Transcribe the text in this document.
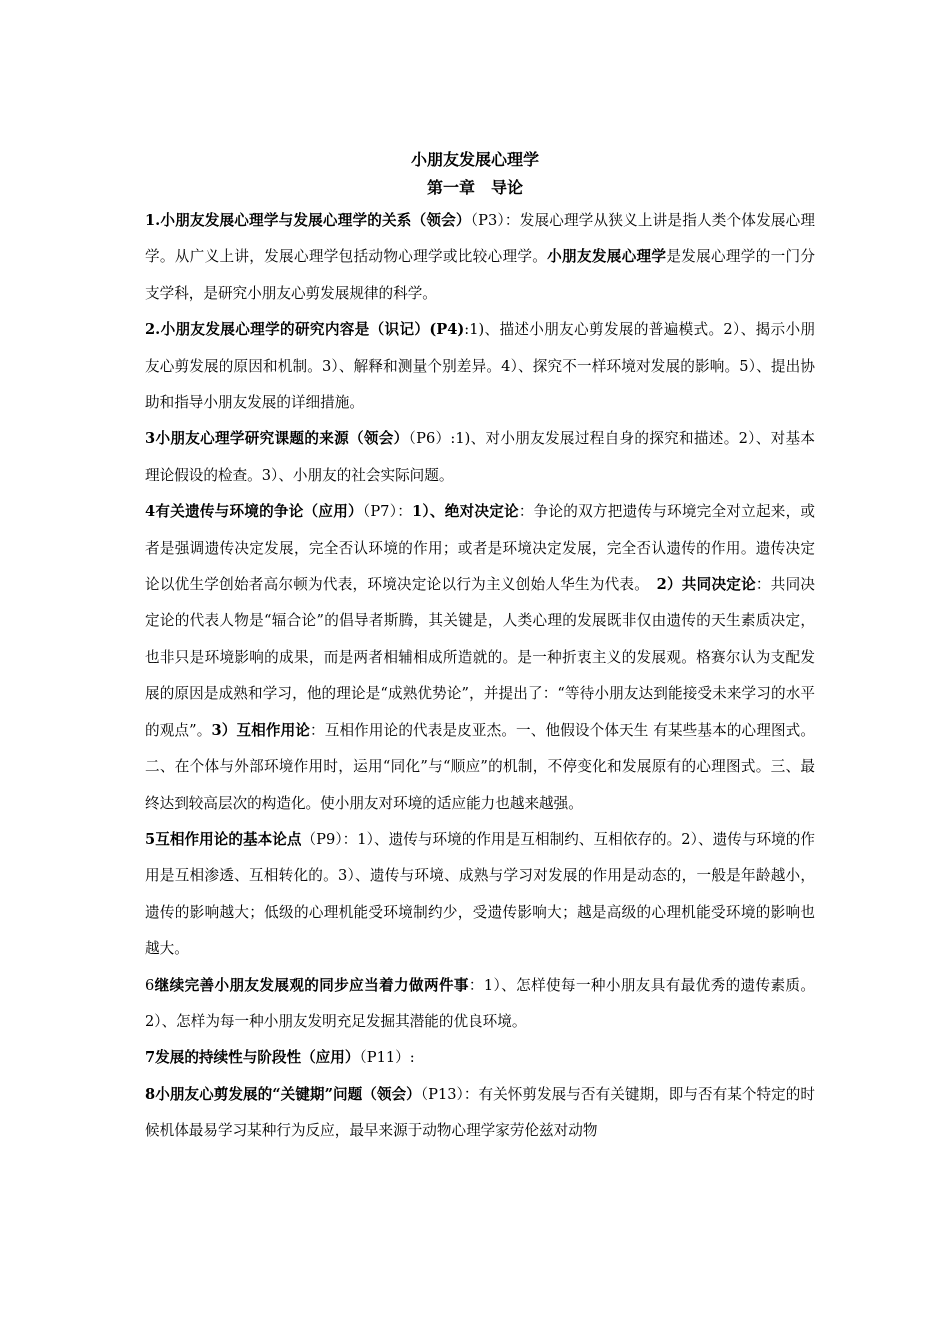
小朋友发展心理学
第一章　导论

1.小朋友发展心理学与发展心理学的关系（领会）（P3）：发展心理学从狭义上讲是指人类个体发展心理学。从广义上讲，发展心理学包括动物心理学或比较心理学。小朋友发展心理学是发展心理学的一门分支学科，是研究小朋友心剪发展规律的科学。

2.小朋友发展心理学的研究内容是（识记）(P4):1)、描述小朋友心剪发展的普遍模式。2）、揭示小朋友心剪发展的原因和机制。3）、解释和测量个别差异。4）、探究不一样环境对发展的影响。5）、提出协助和指导小朋友发展的详细措施。

3小朋友心理学研究课题的来源（领会）（P6）:1)、对小朋友发展过程自身的探究和描述。2）、对基本理论假设的检查。3）、小朋友的社会实际问题。

4有关遗传与环境的争论（应用）（P7）：1）、绝对决定论：争论的双方把遗传与环境完全对立起来，或者是强调遗传决定发展，完全否认环境的作用；或者是环境决定发展，完全否认遗传的作用。遗传决定论以优生学创始者高尔顿为代表，环境决定论以行为主义创始人华生为代表。　2）共同决定论：共同决定论的代表人物是“辐合论”的倡导者斯腾，其关键是，人类心理的发展既非仅由遗传的天生素质决定，也非只是环境影响的成果，而是两者相辅相成所造就的。是一种折衷主义的发展观。格赛尔认为支配发展的原因是成熟和学习，他的理论是“成熟优势论”，并提出了：“等待小朋友达到能接受未来学习的水平的观点”。3）互相作用论：互相作用论的代表是皮亚杰。一、他假设个体天生 有某些基本的心理图式。二、在个体与外部环境作用时，运用“同化”与“顺应”的机制，不停变化和发展原有的心理图式。三、最终达到较高层次的构造化。使小朋友对环境的适应能力也越来越强。

5互相作用论的基本论点（P9）：1）、遗传与环境的作用是互相制约、互相依存的。2）、遗传与环境的作用是互相渗透、互相转化的。3）、遗传与环境、成熟与学习对发展的作用是动态的，一般是年龄越小，遗传的影响越大；低级的心理机能受环境制约少，受遗传影响大；越是高级的心理机能受环境的影响也越大。

6继续完善小朋友发展观的同步应当着力做两件事：1）、怎样使每一种小朋友具有最优秀的遗传素质。2）、怎样为每一种小朋友发明充足发掘其潜能的优良环境。

7发展的持续性与阶段性（应用）（P11）:

8小朋友心剪发展的“关键期”问题（领会）（P13）：有关怀剪发展与否有关键期，即与否有某个特定的时候机体最易学习某种行为反应，最早来源于动物心理学家劳伦兹对动物
